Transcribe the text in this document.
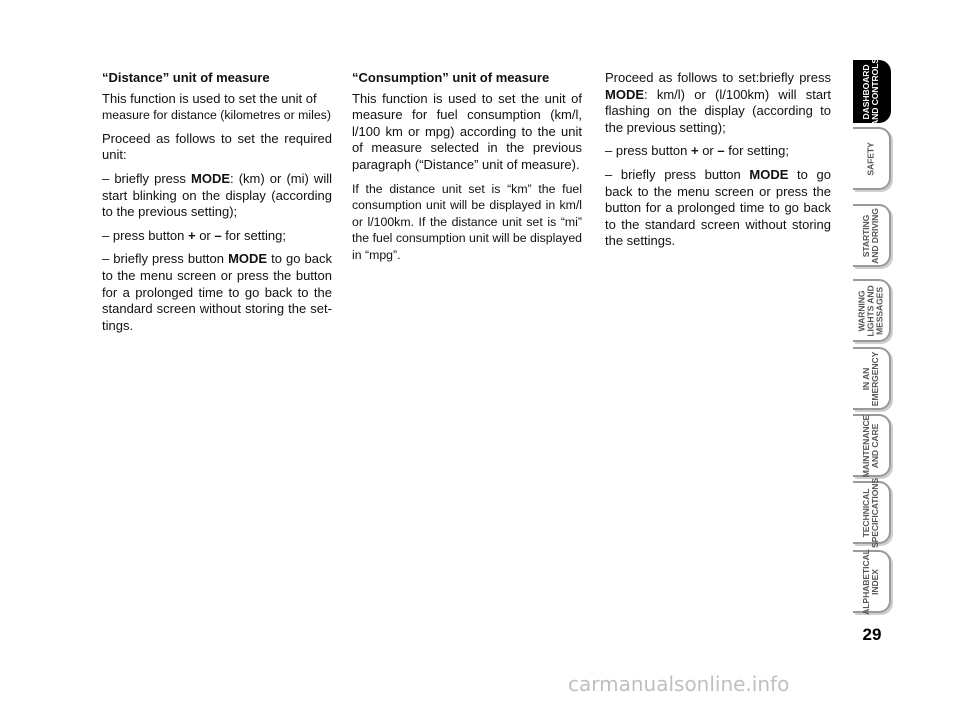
“Distance” unit of measure

This function is used to set the unit of
measure for distance (kilometres or miles)

Proceed as follows to set the required unit:

– briefly press MODE: (km) or (mi) will start blinking on the display (according to the previous setting);

– press button + or – for setting;

– briefly press button MODE to go back to the menu screen or press the button for a prolonged time to go back to the standard screen without storing the settings.

“Consumption” unit of measure

This function is used to set the unit of measure for fuel consumption (km/l, l/100 km or mpg) according to the unit of measure selected in the previous paragraph (“Distance” unit of measure).

If the distance unit set is “km” the fuel consumption unit will be displayed in km/l or l/100km. If the distance unit set is “mi” the fuel consumption unit will be displayed in “mpg”.

Proceed as follows to set:briefly press MODE: km/l) or (l/100km) will start flashing on the display (according to the previous setting);

– press button + or – for setting;

– briefly press button MODE to go back to the menu screen or press the button for a prolonged time to go back to the standard screen without storing the settings.

DASHBOARD
AND CONTROLS
SAFETY
STARTING
AND DRIVING
WARNING
LIGHTS AND
MESSAGES
IN AN
EMERGENCY
MAINTENANCE
AND CARE
TECHNICAL
SPECIFICATIONS
ALPHABETICAL
INDEX
29
carmanualsonline.info
